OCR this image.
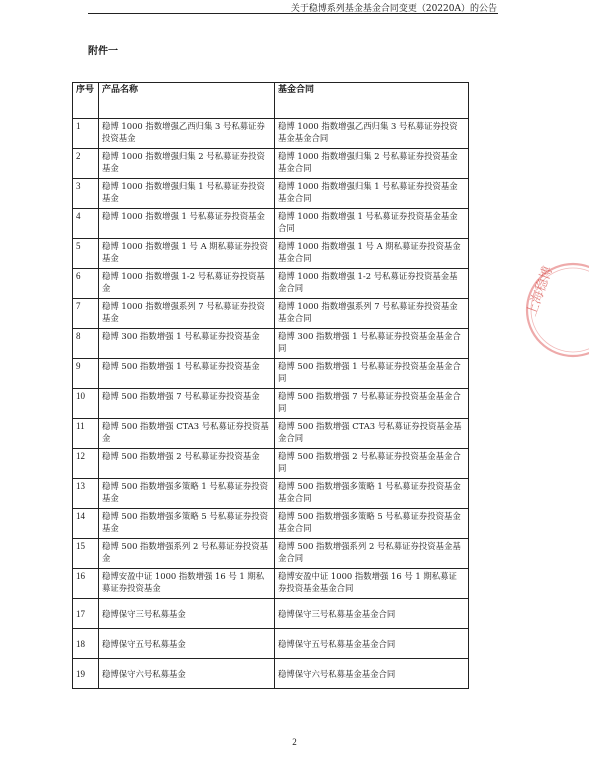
关于稳博系列基金基金合同变更（20220A）的公告
附件一
序号	产品名称	基金合同
1	稳博 1000 指数增强乙西归集 3 号私募证券投资基金	稳博 1000 指数增强乙西归集 3 号私募证券投资基金基金合同
2	稳博 1000 指数增强归集 2 号私募证券投资基金	稳博 1000 指数增强归集 2 号私募证券投资基金基金合同
3	稳博 1000 指数增强归集 1 号私募证券投资基金	稳博 1000 指数增强归集 1 号私募证券投资基金基金合同
4	稳博 1000 指数增强 1 号私募证券投资基金	稳博 1000 指数增强 1 号私募证券投资基金基金合同
5	稳博 1000 指数增强 1 号 A 期私募证券投资基金	稳博 1000 指数增强 1 号 A 期私募证券投资基金基金合同
6	稳博 1000 指数增强 1-2 号私募证券投资基金	稳博 1000 指数增强 1-2 号私募证券投资基金基金合同
7	稳博 1000 指数增强系列 7 号私募证券投资基金	稳博 1000 指数增强系列 7 号私募证券投资基金基金合同
8	稳博 300 指数增强 1 号私募证券投资基金	稳博 300 指数增强 1 号私募证券投资基金基金合同
9	稳博 500 指数增强 1 号私募证券投资基金	稳博 500 指数增强 1 号私募证券投资基金基金合同
10	稳博 500 指数增强 7 号私募证券投资基金	稳博 500 指数增强 7 号私募证券投资基金基金合同
11	稳博 500 指数增强 CTA3 号私募证券投资基金	稳博 500 指数增强 CTA3 号私募证券投资基金基金合同
12	稳博 500 指数增强 2 号私募证券投资基金	稳博 500 指数增强 2 号私募证券投资基金基金合同
13	稳博 500 指数增强多策略 1 号私募证券投资基金	稳博 500 指数增强多策略 1 号私募证券投资基金基金合同
14	稳博 500 指数增强多策略 5 号私募证券投资基金	稳博 500 指数增强多策略 5 号私募证券投资基金基金合同
15	稳博 500 指数增强系列 2 号私募证券投资基金	稳博 500 指数增强系列 2 号私募证券投资基金基金合同
16	稳博安盈中证 1000 指数增强 16 号 1 期私募证券投资基金	稳博安盈中证 1000 指数增强 16 号 1 期私募证券投资基金基金合同
17	稳博保守三号私募基金	稳博保守三号私募基金基金合同
18	稳博保守五号私募基金	稳博保守五号私募基金基金合同
19	稳博保守六号私募基金	稳博保守六号私募基金基金合同
上海稳博
2
